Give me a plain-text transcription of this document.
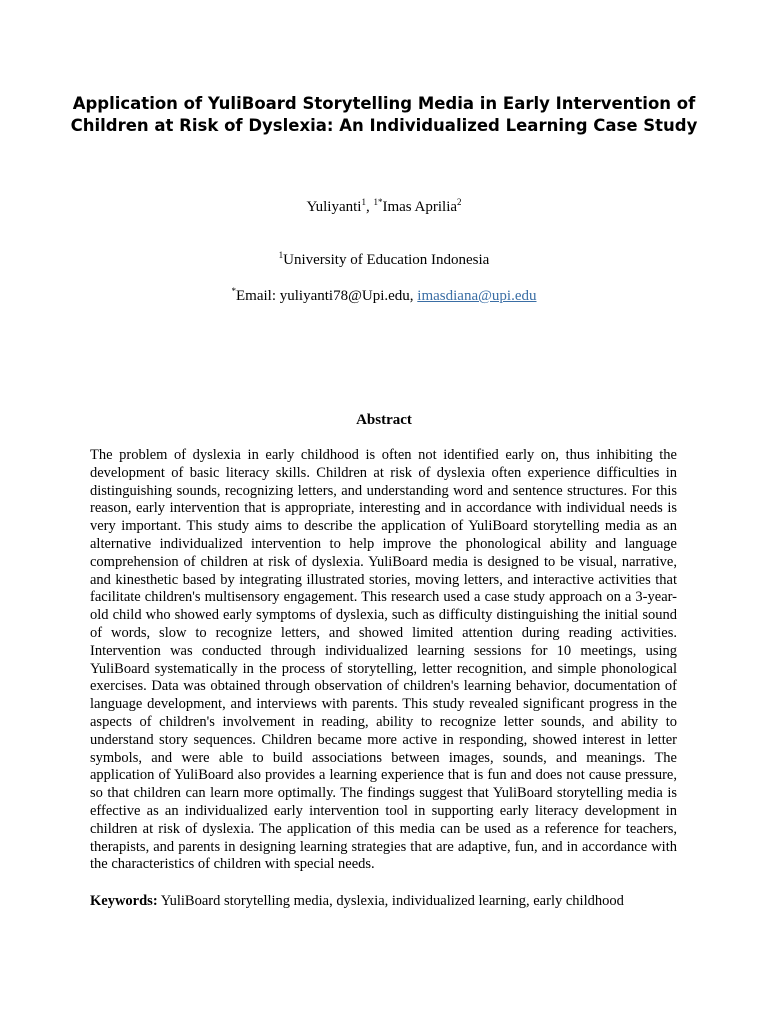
Application of YuliBoard Storytelling Media in Early Intervention of Children at Risk of Dyslexia: An Individualized Learning Case Study
Yuliyanti$^1$, $^{1*}$Imas Aprilia$^2$
$^1$University of Education Indonesia
*Email: yuliyanti78@Upi.edu, imasdiana@upi.edu
Abstract

The problem of dyslexia in early childhood is often not identified early on, thus inhibiting the development of basic literacy skills. Children at risk of dyslexia often experience difficulties in distinguishing sounds, recognizing letters, and understanding word and sentence structures. For this reason, early intervention that is appropriate, interesting and in accordance with individual needs is very important. This study aims to describe the application of YuliBoard storytelling media as an alternative individualized intervention to help improve the phonological ability and language comprehension of children at risk of dyslexia. YuliBoard media is designed to be visual, narrative, and kinesthetic based by integrating illustrated stories, moving letters, and interactive activities that facilitate children's multisensory engagement. This research used a case study approach on a 3-year-old child who showed early symptoms of dyslexia, such as difficulty distinguishing the initial sound of words, slow to recognize letters, and showed limited attention during reading activities. Intervention was conducted through individualized learning sessions for 10 meetings, using YuliBoard systematically in the process of storytelling, letter recognition, and simple phonological exercises. Data was obtained through observation of children's learning behavior, documentation of language development, and interviews with parents. This study revealed significant progress in the aspects of children's involvement in reading, ability to recognize letter sounds, and ability to understand story sequences. Children became more active in responding, showed interest in letter symbols, and were able to build associations between images, sounds, and meanings. The application of YuliBoard also provides a learning experience that is fun and does not cause pressure, so that children can learn more optimally. The findings suggest that YuliBoard storytelling media is effective as an individualized early intervention tool in supporting early literacy development in children at risk of dyslexia. The application of this media can be used as a reference for teachers, therapists, and parents in designing learning strategies that are adaptive, fun, and in accordance with the characteristics of children with special needs.

Keywords: YuliBoard storytelling media, dyslexia, individualized learning, early childhood
